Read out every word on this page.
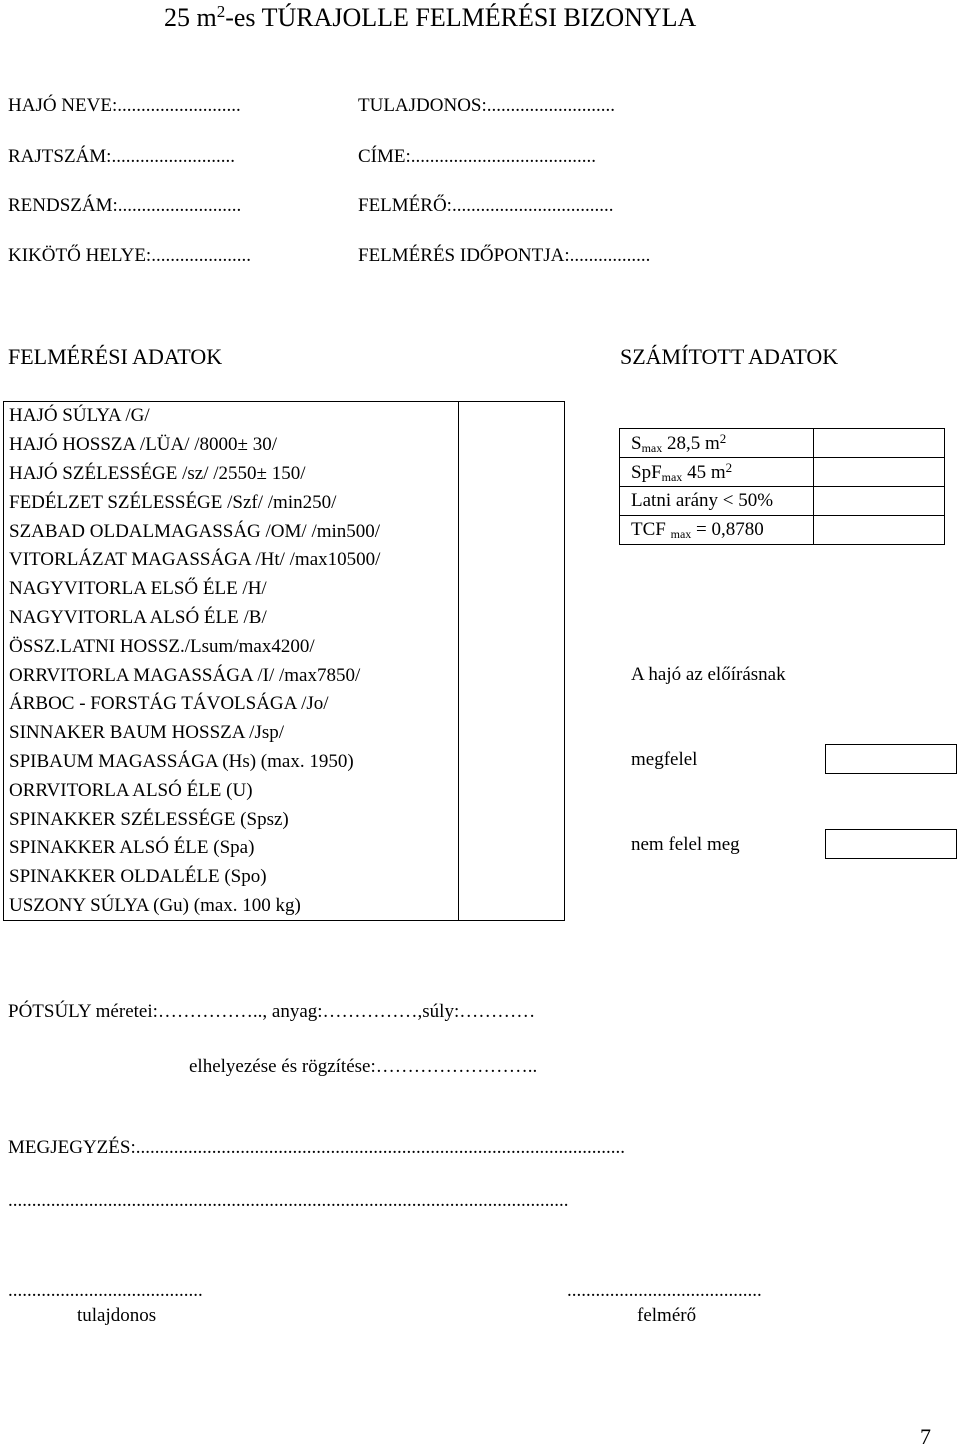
25 $m^2-es$ TÚRAJOLLE FELMÉRÉSI BIZONYLA
HAJÓ NEVE:..........................
RAJTSZÁM:..........................
RENDSZÁM:..........................
KIKÖTŐ HELYE:.....................
TULAJDONOS:...........................
CÍME:.......................................
FELMÉRŐ:..................................
FELMÉRÉS IDŐPONTJA:.................
FELMÉRÉSI ADATOK	SZÁMÍTOTT ADATOK
HAJÓ SÚLYA /G/	
HAJÓ HOSSZA /LÜA/ /8000± 30/	
HAJÓ SZÉLESSÉGE /sz/ /2550± 150/	
FEDÉLZET SZÉLESSÉGE /Szf/ /min250/	
SZABAD OLDALMAGASSÁG /OM/ /min500/	
VITORLÁZAT MAGASSÁGA /Ht/ /max10500/	
NAGYVITORLA ELSŐ ÉLE /H/	
NAGYVITORLA ALSÓ ÉLE /B/	
ÖSSZ.LATNI HOSSZ./Lsum/max4200/	
ORRVITORLA MAGASSÁGA /I/ /max7850/	
ÁRBOC - FORSTÁG TÁVOLSÁGA /Jo/	
SINNAKER BAUM HOSSZA /Jsp/	
SPIBAUM MAGASSÁGA (Hs) (max. 1950)	
ORRVITORLA ALSÓ ÉLE (U)	
SPINAKKER SZÉLESSÉGE (Spsz)	
SPINAKKER ALSÓ ÉLE (Spa)	
SPINAKKER OLDALÉLE (Spo)	
USZONY SÚLYA (Gu) (max. 100 kg)	
$S_{max}$ 28,5 $m^2$	
SpF$_{max}$ 45 $m^2$	
Latni arány < 50%	
TCF $_{max}$ = 0,8780	
A hajó az előírásnak
megfelel
nem felel meg
PÓTSÚLY méretei:…………….., anyag:……………,súly:…………
elhelyezése és rögzítése:……………………..
MEGJEGYZÉS:.......................................................................................................
......................................................................................................................
.........................................	.........................................
tulajdonos	felmérő
7
